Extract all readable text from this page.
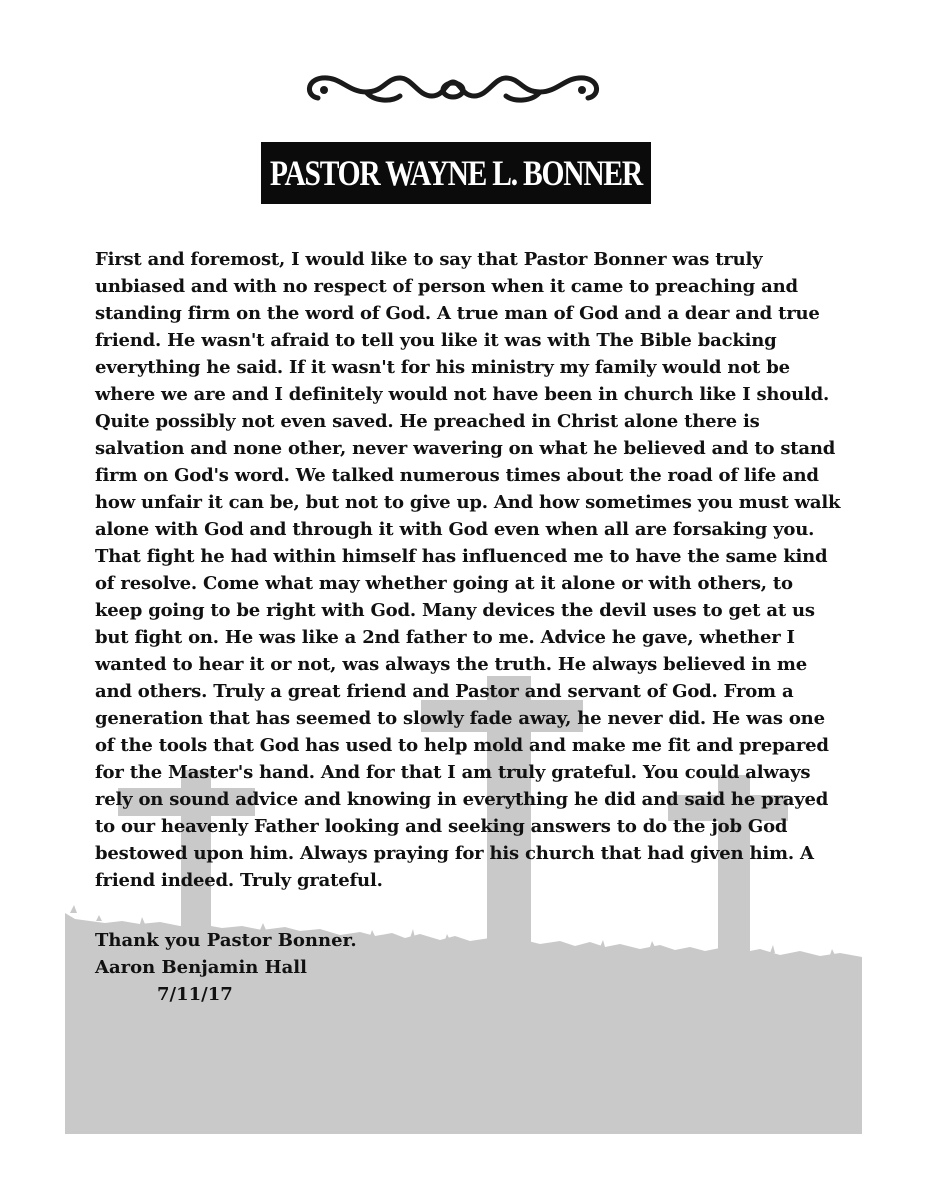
PASTOR WAYNE L. BONNER
First and foremost, I would like to say that Pastor Bonner was truly
unbiased and with no respect of person when it came to preaching and
standing firm on the word of God. A true man of God and a dear and true
friend. He wasn't afraid to tell you like it was with The Bible backing
everything he said. If it wasn't for his ministry my family would not be
where we are and I definitely would not have been in church like I should.
Quite possibly not even saved. He preached in Christ alone there is
salvation and none other, never wavering on what he believed and to stand
firm on God's word. We talked numerous times about the road of life and
how unfair it can be, but not to give up. And how sometimes you must walk
alone with God and through it with God even when all are forsaking you.
That fight he had within himself has influenced me to have the same kind
of resolve. Come what may whether going at it alone or with others, to
keep going to be right with God. Many devices the devil uses to get at us
but fight on. He was like a 2nd father to me. Advice he gave, whether I
wanted to hear it or not, was always the truth. He always believed in me
and others. Truly a great friend and Pastor and servant of God. From a
generation that has seemed to slowly fade away, he never did. He was one
of the tools that God has used to help mold and make me fit and prepared
for the Master's hand. And for that I am truly grateful. You could always
rely on sound advice and knowing in everything he did and said he prayed
to our heavenly Father looking and seeking answers to do the job God
bestowed upon him. Always praying for his church that had given him. A
friend indeed. Truly grateful.
Thank you Pastor Bonner.
Aaron Benjamin Hall
7/11/17
